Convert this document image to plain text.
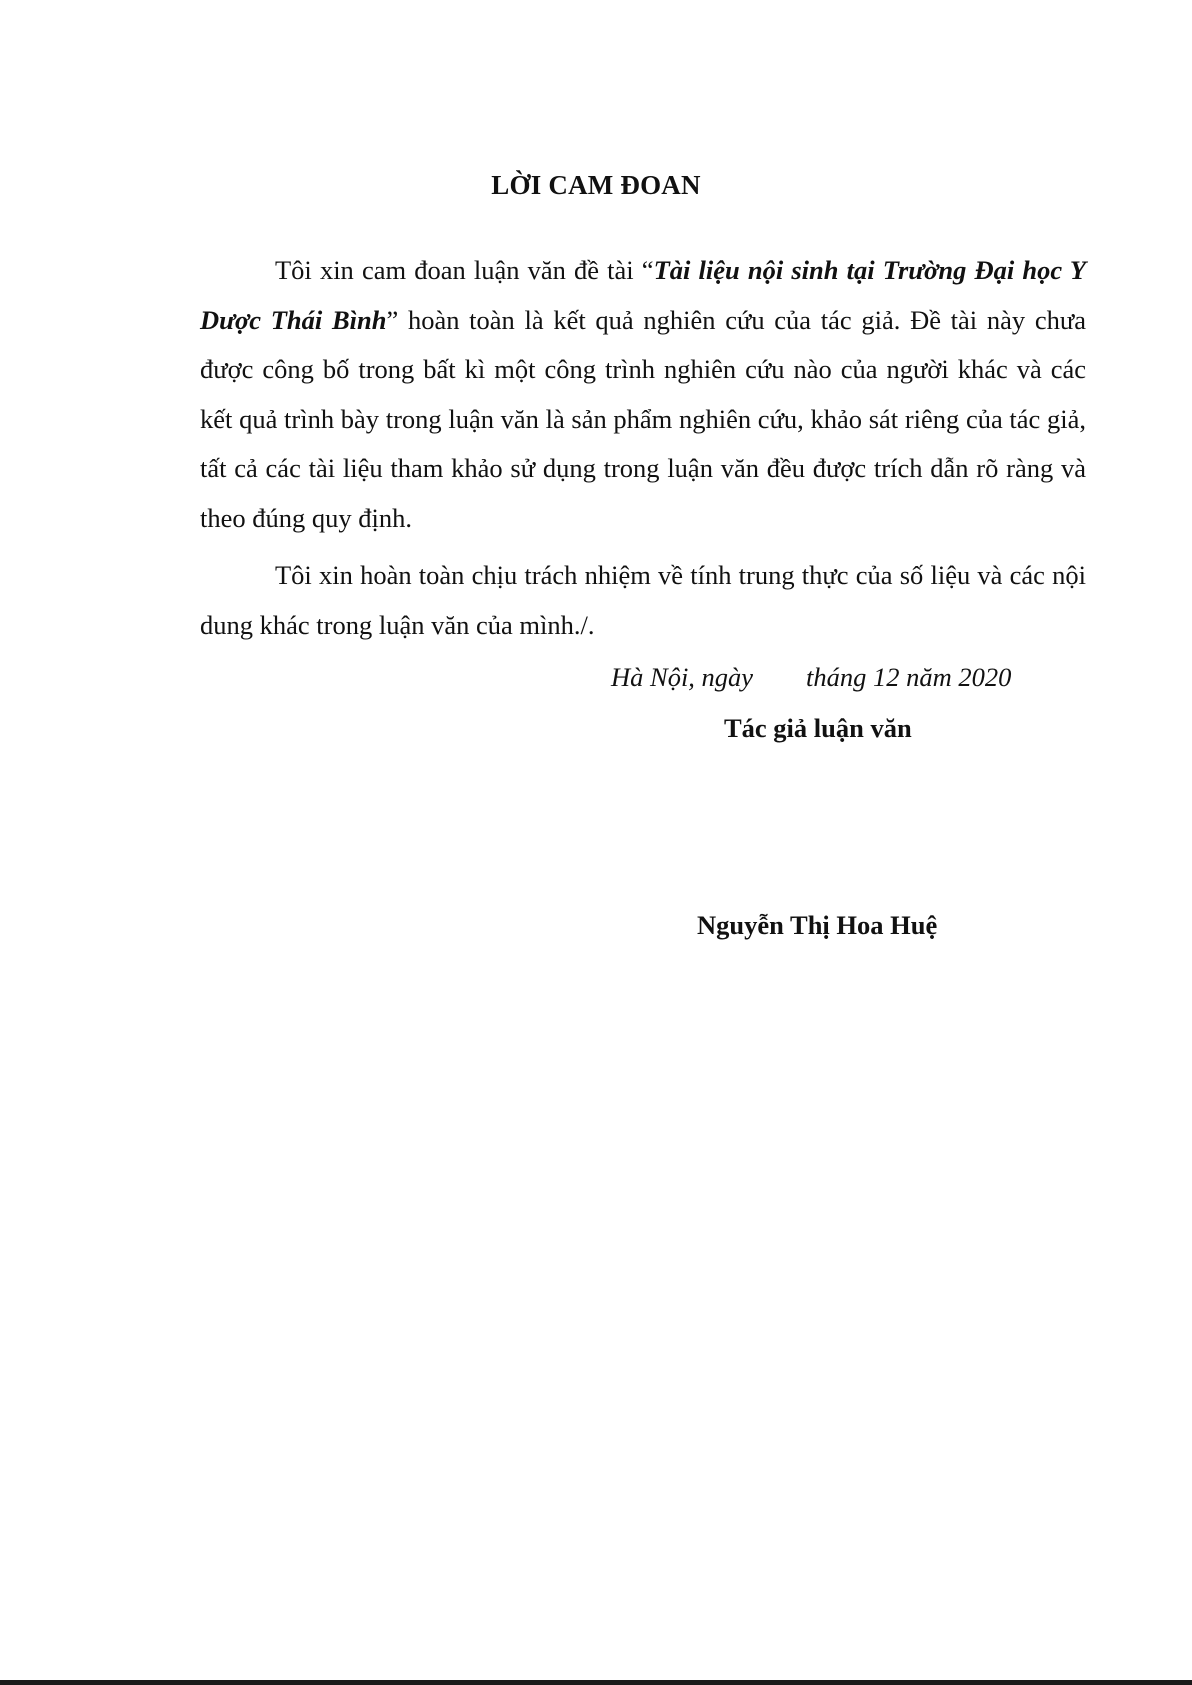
LỜI CAM ĐOAN

Tôi xin cam đoan luận văn đề tài “Tài liệu nội sinh tại Trường Đại học Y Dược Thái Bình” hoàn toàn là kết quả nghiên cứu của tác giả. Đề tài này chưa được công bố trong bất kì một công trình nghiên cứu nào của người khác và các kết quả trình bày trong luận văn là sản phẩm nghiên cứu, khảo sát riêng của tác giả, tất cả các tài liệu tham khảo sử dụng trong luận văn đều được trích dẫn rõ ràng và theo đúng quy định.

Tôi xin hoàn toàn chịu trách nhiệm về tính trung thực của số liệu và các nội dung khác trong luận văn của mình./.

Hà Nội, ngày        tháng 12 năm 2020
Tác giả luận văn
Nguyễn Thị Hoa Huệ
